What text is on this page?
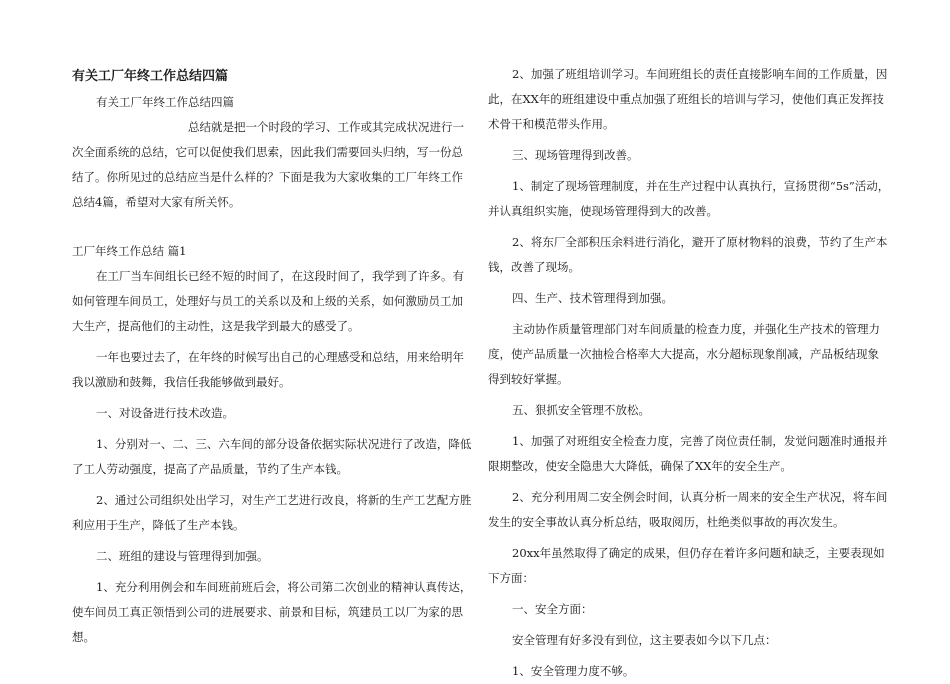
有关工厂年终工作总结四篇
有关工厂年终工作总结四篇
总结就是把一个时段的学习、工作或其完成状况进行一
次全面系统的总结，它可以促使我们思索，因此我们需要回头归纳，写一份总
结了。你所见过的总结应当是什么样的？下面是我为大家收集的工厂年终工作
总结4篇，希望对大家有所关怀。
工厂年终工作总结 篇1
在工厂当车间组长已经不短的时间了，在这段时间了，我学到了许多。有
如何管理车间员工，处理好与员工的关系以及和上级的关系，如何激励员工加
大生产，提高他们的主动性，这是我学到最大的感受了。
一年也要过去了，在年终的时候写出自己的心理感受和总结，用来给明年
我以激励和鼓舞，我信任我能够做到最好。
一、对设备进行技术改造。
1、分别对一、二、三、六车间的部分设备依据实际状况进行了改造，降低
了工人劳动强度，提高了产品质量，节约了生产本钱。
2、通过公司组织处出学习，对生产工艺进行改良，将新的生产工艺配方胜
利应用于生产，降低了生产本钱。
二、班组的建设与管理得到加强。
1、充分利用例会和车间班前班后会，将公司第二次创业的精神认真传达，
使车间员工真正领悟到公司的进展要求、前景和目标，筑建员工以厂为家的思
想。
2、加强了班组培训学习。车间班组长的责任直接影响车间的工作质量，因
此，在XX年的班组建设中重点加强了班组长的培训与学习，使他们真正发挥技
术骨干和模范带头作用。
三、现场管理得到改善。
1、制定了现场管理制度，并在生产过程中认真执行，宣扬贯彻“5s”活动，
并认真组织实施，使现场管理得到大的改善。
2、将东厂全部积压余料进行消化，避开了原材物料的浪费，节约了生产本
钱，改善了现场。
四、生产、技术管理得到加强。
主动协作质量管理部门对车间质量的检查力度，并强化生产技术的管理力
度，使产品质量一次抽检合格率大大提高，水分超标现象削减，产品板结现象
得到较好掌握。
五、狠抓安全管理不放松。
1、加强了对班组安全检查力度，完善了岗位责任制，发觉问题准时通报并
限期整改，使安全隐患大大降低，确保了XX年的安全生产。
2、充分利用周二安全例会时间，认真分析一周来的安全生产状况，将车间
发生的安全事故认真分析总结，吸取阅历，杜绝类似事故的再次发生。
20xx年虽然取得了确定的成果，但仍存在着许多问题和缺乏，主要表现如
下方面：
一、安全方面：
安全管理有好多没有到位，这主要表如今以下几点：
1、安全管理力度不够。
